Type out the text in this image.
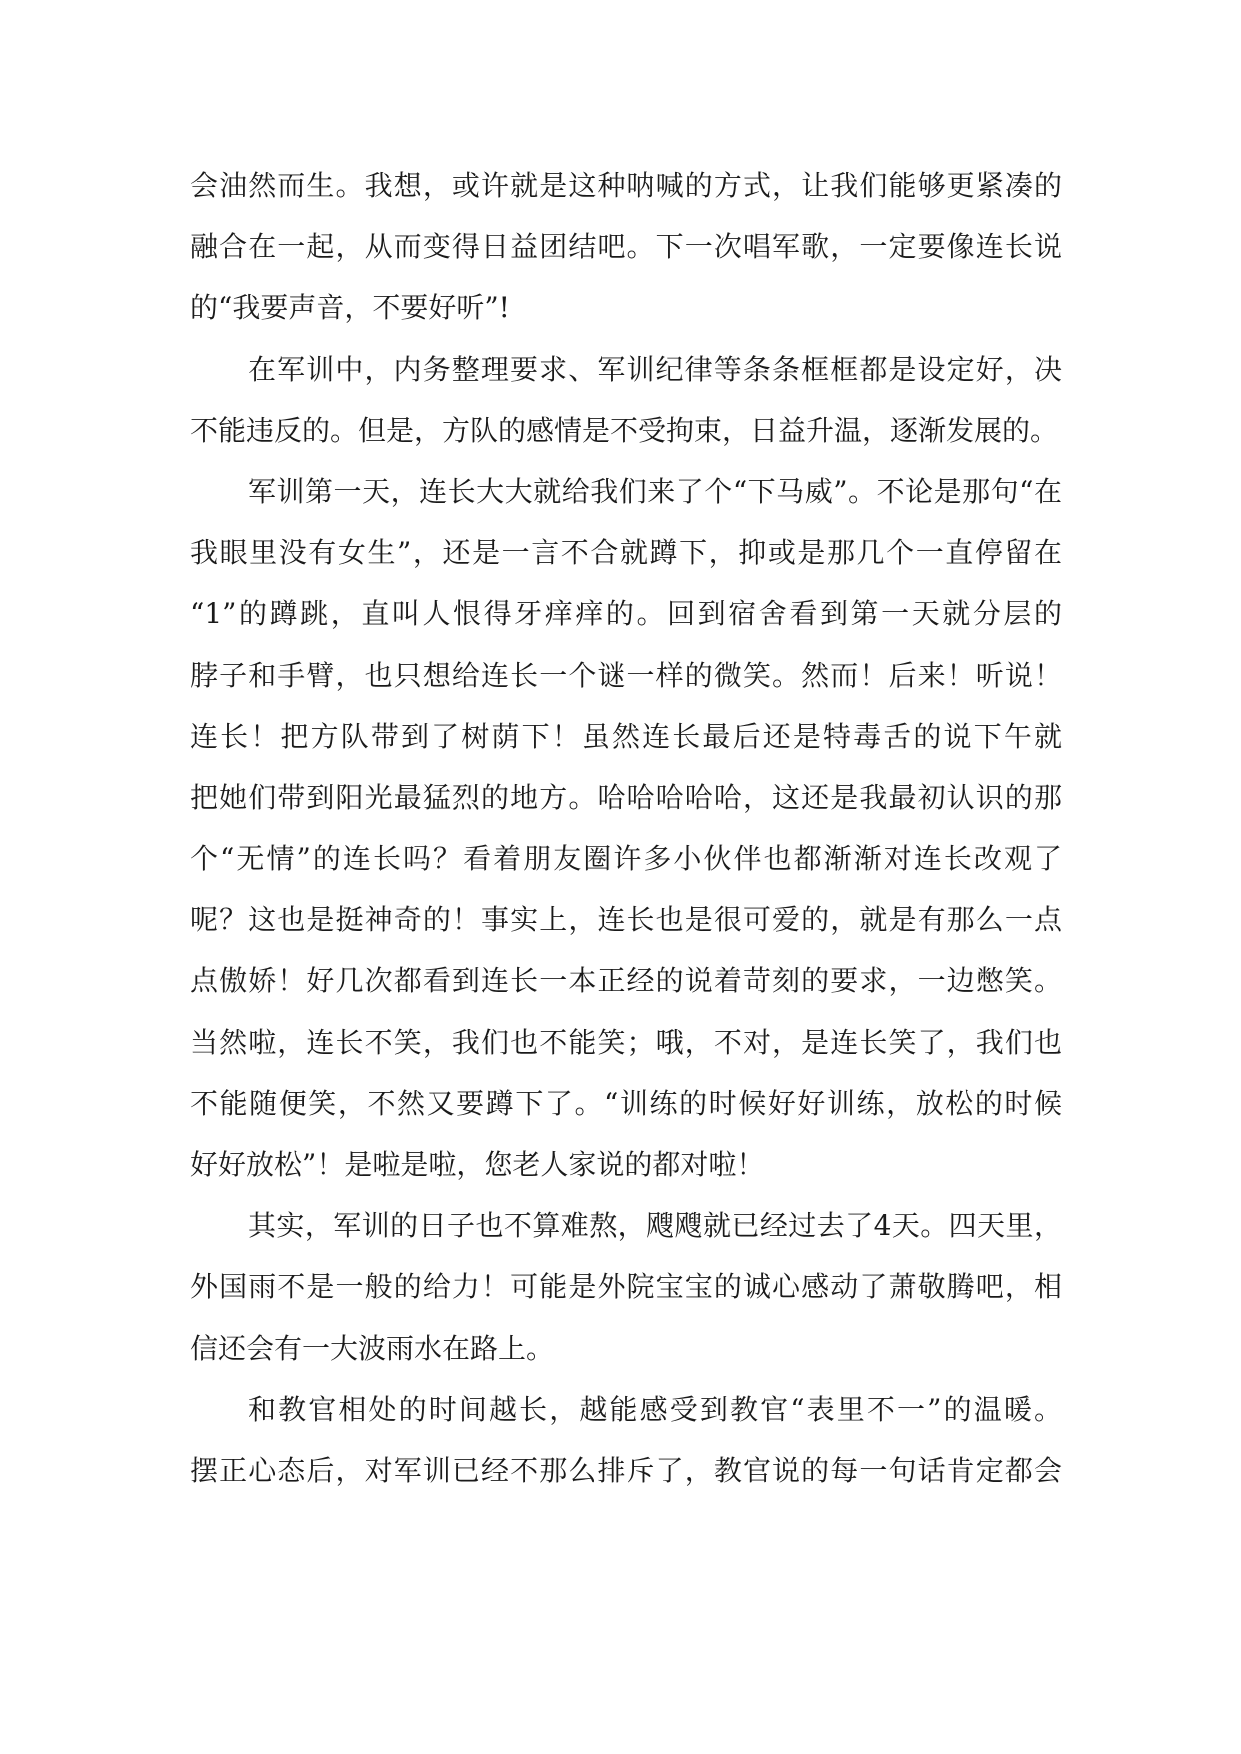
会油然而生。我想，或许就是这种呐喊的方式，让我们能够更紧凑的
融合在一起，从而变得日益团结吧。下一次唱军歌，一定要像连长说
的“我要声音，不要好听”!
在军训中，内务整理要求、军训纪律等条条框框都是设定好，决
不能违反的。但是，方队的感情是不受拘束，日益升温，逐渐发展的。
军训第一天，连长大大就给我们来了个“下马威”。不论是那句“在
我眼里没有女生”，还是一言不合就蹲下，抑或是那几个一直停留在
“1”的蹲跳，直叫人恨得牙痒痒的。回到宿舍看到第一天就分层的
脖子和手臂，也只想给连长一个谜一样的微笑。然而！后来！听说！
连长！把方队带到了树荫下！虽然连长最后还是特毒舌的说下午就
把她们带到阳光最猛烈的地方。哈哈哈哈哈，这还是我最初认识的那
个“无情”的连长吗？看着朋友圈许多小伙伴也都渐渐对连长改观了
呢？这也是挺神奇的！事实上，连长也是很可爱的，就是有那么一点
点傲娇！好几次都看到连长一本正经的说着苛刻的要求，一边憋笑。
当然啦，连长不笑，我们也不能笑；哦，不对，是连长笑了，我们也
不能随便笑，不然又要蹲下了。“训练的时候好好训练，放松的时候
好好放松”！是啦是啦，您老人家说的都对啦！
其实，军训的日子也不算难熬，飕飕就已经过去了4天。四天里，
外国雨不是一般的给力！可能是外院宝宝的诚心感动了萧敬腾吧，相
信还会有一大波雨水在路上。
和教官相处的时间越长，越能感受到教官“表里不一”的温暖。
摆正心态后，对军训已经不那么排斥了，教官说的每一句话肯定都会
